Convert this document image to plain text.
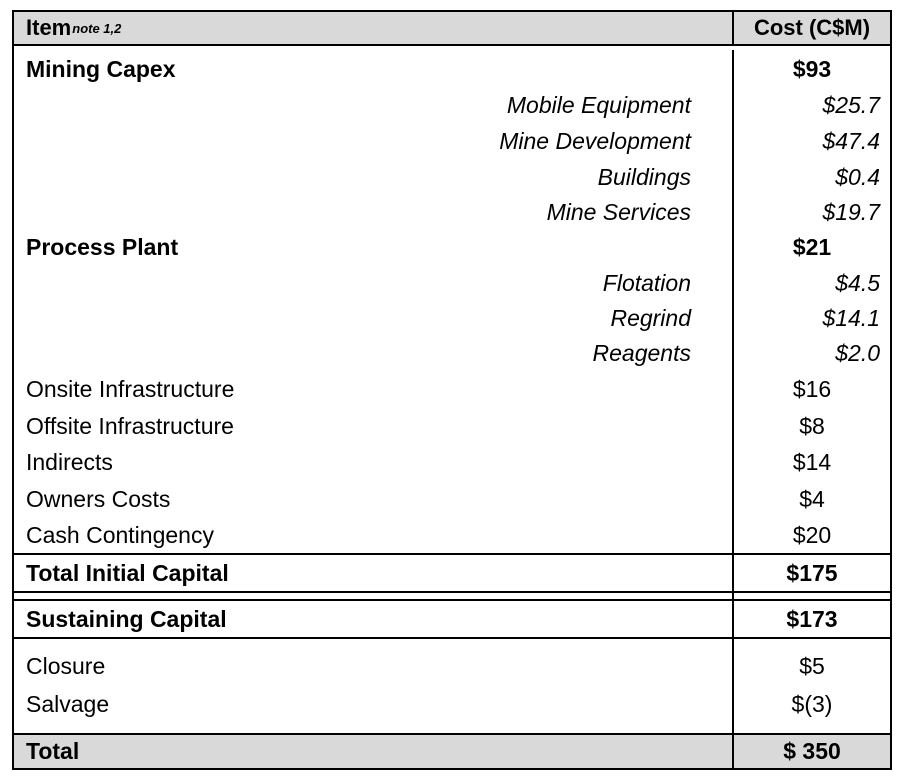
Item note 1,2	Cost (C$M)
Mining Capex	$93
Mobile Equipment	$25.7
Mine Development	$47.4
Buildings	$0.4
Mine Services	$19.7
Process Plant	$21
Flotation	$4.5
Regrind	$14.1
Reagents	$2.0
Onsite Infrastructure	$16
Offsite Infrastructure	$8
Indirects	$14
Owners Costs	$4
Cash Contingency	$20
Total Initial Capital	$175
Sustaining Capital	$173
Closure	$5
Salvage	$(3)
Total	$ 350
